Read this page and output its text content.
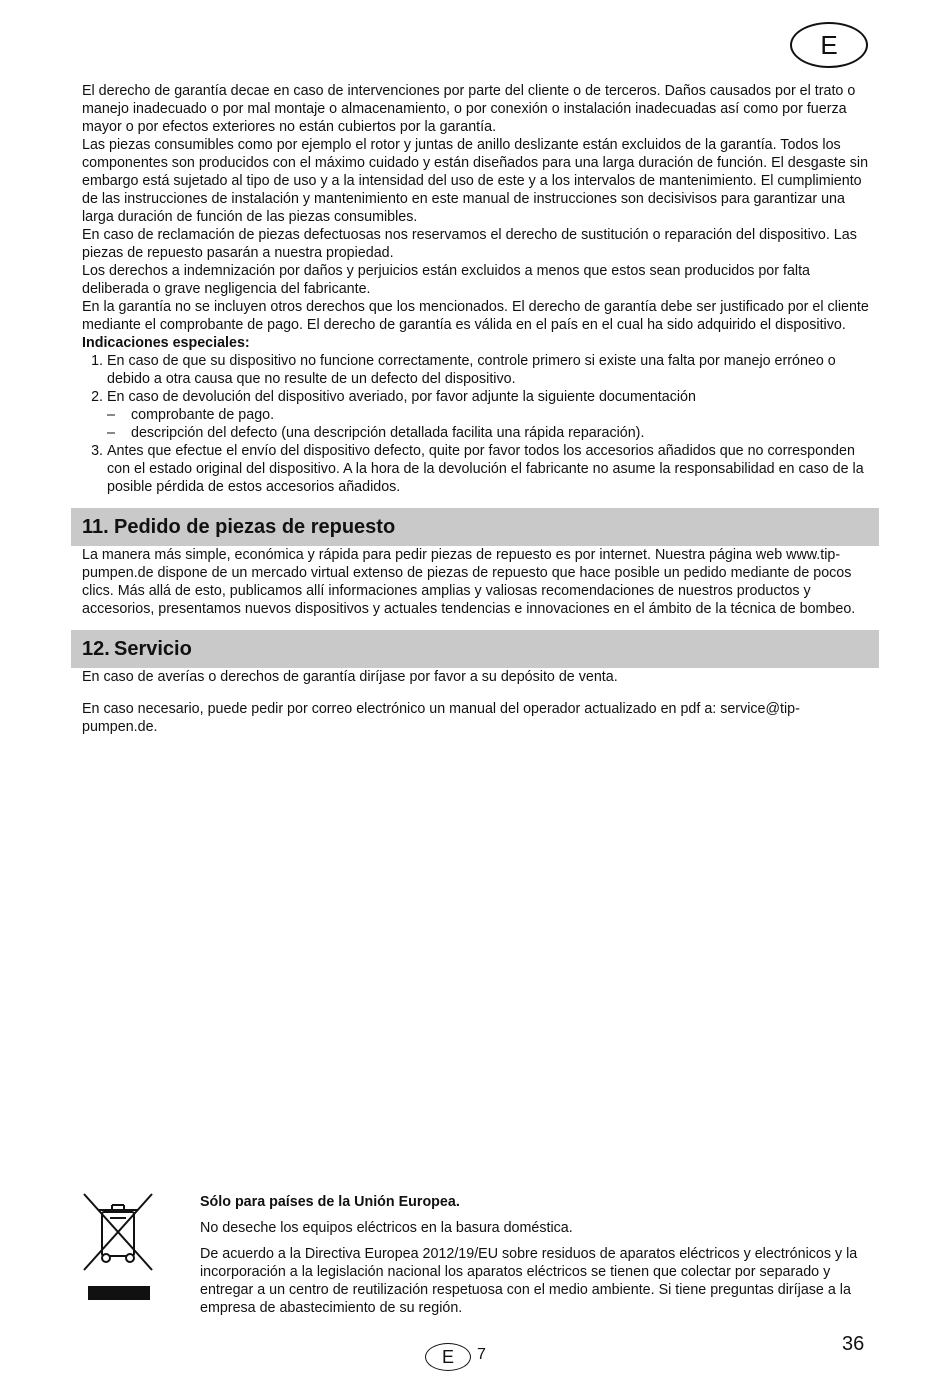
E

El derecho de garantía decae en caso de intervenciones por parte del cliente o de terceros. Daños causados por el trato o manejo inadecuado o por mal montaje o almacenamiento, o por conexión o instalación inadecuadas así como por fuerza mayor o por efectos exteriores no están cubiertos por la garantía.

Las piezas consumibles como por ejemplo el rotor y juntas de anillo deslizante están excluidos de la garantía. Todos los componentes son producidos con el máximo cuidado y están diseñados para una larga duración de función. El desgaste sin embargo está sujetado al tipo de uso y a la intensidad del uso de este y a los intervalos de mantenimiento. El cumplimiento de las instrucciones de instalación y mantenimiento en este manual de instrucciones son decisivisos para garantizar una larga duración de función de las piezas consumibles.

En caso de reclamación de piezas defectuosas nos reservamos el derecho de sustitución o reparación del dispositivo. Las piezas de repuesto pasarán a nuestra propiedad.

Los derechos a indemnización por daños y perjuicios están excluidos a menos que estos sean producidos por falta deliberada o grave negligencia del fabricante.

En la garantía no se incluyen otros derechos que los mencionados. El derecho de garantía debe ser justificado por el cliente mediante el comprobante de pago. El derecho de garantía es válida en el país en el cual ha sido adquirido el dispositivo.

Indicaciones especiales:

1. En caso de que su dispositivo no funcione correctamente, controle primero si existe una falta por manejo erróneo o debido a otra causa que no resulte de un defecto del dispositivo.
2. En caso de devolución del dispositivo averiado, por favor adjunte la siguiente documentación
– comprobante de pago.
– descripción del defecto (una descripción detallada facilita una rápida reparación).
3. Antes que efectue el envío del dispositivo defecto, quite por favor todos los accesorios añadidos que no corresponden con el estado original del dispositivo. A la hora de la devolución el fabricante no asume la responsabilidad en caso de la posible pérdida de estos accesorios añadidos.
11. Pedido de piezas de repuesto

La manera más simple, económica y rápida para pedir piezas de repuesto es por internet. Nuestra página web www.tip-pumpen.de dispone de un mercado virtual extenso de piezas de repuesto que hace posible un pedido mediante de pocos clics. Más allá de esto, publicamos allí informaciones amplias y valiosas recomendaciones de nuestros productos y accesorios, presentamos nuevos dispositivos y actuales tendencias e innovaciones en el ámbito de la técnica de bombeo.

12. Servicio

En caso de averías o derechos de garantía diríjase por favor a su depósito de venta.

En caso necesario, puede pedir por correo electrónico un manual del operador actualizado en pdf a: service@tip-pumpen.de.

Sólo para países de la Unión Europea.

No deseche los equipos eléctricos en la basura doméstica.

De acuerdo a la Directiva Europea 2012/19/EU sobre residuos de aparatos eléctricos y electrónicos y la incorporación a la legislación nacional los aparatos eléctricos se tienen que colectar por separado y entregar a un centro de reutilización respetuosa con el medio ambiente. Si tiene preguntas diríjase a la empresa de abastecimiento de su región.

36
E	7
